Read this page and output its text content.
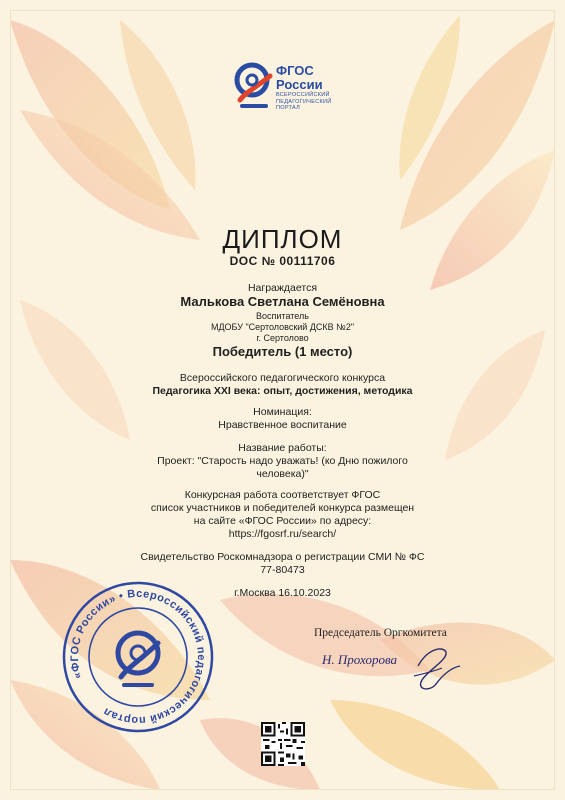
ФГОС
России
ВСЕРОССИЙСКИЙ
ПЕДАГОГИЧЕСКИЙ
ПОРТАЛ
ДИПЛОМ
DOC № 00111706
Награждается
Малькова Светлана Семёновна
Воспитатель
МДОБУ "Сертоловский ДСКВ №2"
г. Сертолово
Победитель (1 место)
Всероссийского педагогического конкурса
Педагогика XXI века: опыт, достижения, методика
Номинация:
Нравственное воспитание
Название работы:
Проект: "Старость надо уважать! (ко Дню пожилого
человека)"
Конкурсная работа соответствует ФГОС
список участников и победителей конкурса размещен
на сайте «ФГОС России» по адресу:
https://fgosrf.ru/search/
Свидетельство Роскомнадзора о регистрации СМИ № ФС
77-80473
г.Москва 16.10.2023
«ФГОС России» • Всероссийский педагогический портал
Председатель Оргкомитета
Н. Прохорова
